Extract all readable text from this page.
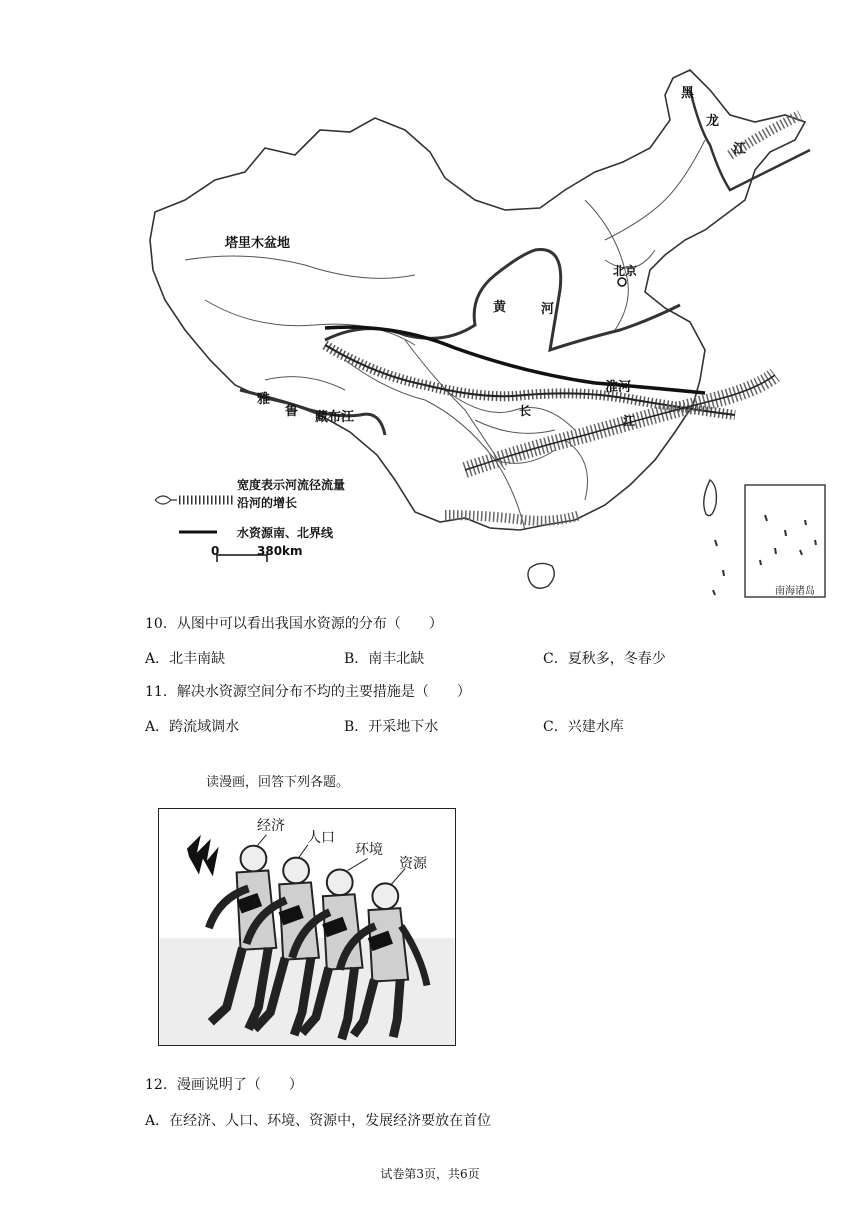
黑
龙
江
塔里木盆地
北京
黄	河
淮河
雅
鲁 藏布江	长
江
南海诸岛
宽度表示河流径流量
沿河的增长
水资源南、北界线
0	380km
10．从图中可以看出我国水资源的分布（　　）
A．北丰南缺	B．南丰北缺	C．夏秋多，冬春少
11．解决水资源空间分布不均的主要措施是（　　）
A．跨流域调水	B．开采地下水	C．兴建水库
读漫画，回答下列各题。
经济
人口
环境
资源
12．漫画说明了（　　）
A．在经济、人口、环境、资源中，发展经济要放在首位
试卷第3页，共6页
